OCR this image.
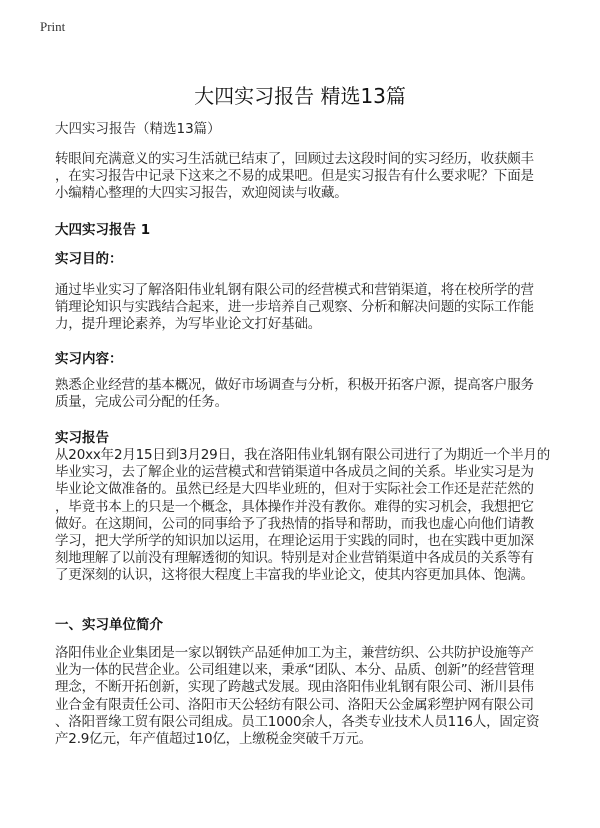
Print
大四实习报告 精选13篇
大四实习报告（精选13篇）
转眼间充满意义的实习生活就已结束了，回顾过去这段时间的实习经历，收获颇丰
，在实习报告中记录下这来之不易的成果吧。但是实习报告有什么要求呢？下面是
小编精心整理的大四实习报告，欢迎阅读与收藏。
大四实习报告 1
实习目的：
通过毕业实习了解洛阳伟业轧钢有限公司的经营模式和营销渠道，将在校所学的营
销理论知识与实践结合起来，进一步培养自己观察、分析和解决问题的实际工作能
力，提升理论素养，为写毕业论文打好基础。
实习内容：
熟悉企业经营的基本概况，做好市场调查与分析，积极开拓客户源，提高客户服务
质量，完成公司分配的任务。
实习报告
从20xx年2月15日到3月29日，我在洛阳伟业轧钢有限公司进行了为期近一个半月的
毕业实习，去了解企业的运营模式和营销渠道中各成员之间的关系。毕业实习是为
毕业论文做准备的。虽然已经是大四毕业班的，但对于实际社会工作还是茫茫然的
，毕竟书本上的只是一个概念，具体操作并没有教你。难得的实习机会，我想把它
做好。在这期间，公司的同事给予了我热情的指导和帮助，而我也虚心向他们请教
学习，把大学所学的知识加以运用，在理论运用于实践的同时，也在实践中更加深
刻地理解了以前没有理解透彻的知识。特别是对企业营销渠道中各成员的关系等有
了更深刻的认识，这将很大程度上丰富我的毕业论文，使其内容更加具体、饱满。
一、实习单位简介
洛阳伟业企业集团是一家以钢铁产品延伸加工为主，兼营纺织、公共防护设施等产
业为一体的民营企业。公司组建以来，秉承“团队、本分、品质、创新”的经营管理
理念，不断开拓创新，实现了跨越式发展。现由洛阳伟业轧钢有限公司、淅川县伟
业合金有限责任公司、洛阳市天公轻纺有限公司、洛阳天公金属彩塑护网有限公司
、洛阳晋缘工贸有限公司组成。员工1000余人，各类专业技术人员116人，固定资
产2.9亿元，年产值超过10亿，上缴税金突破千万元。
